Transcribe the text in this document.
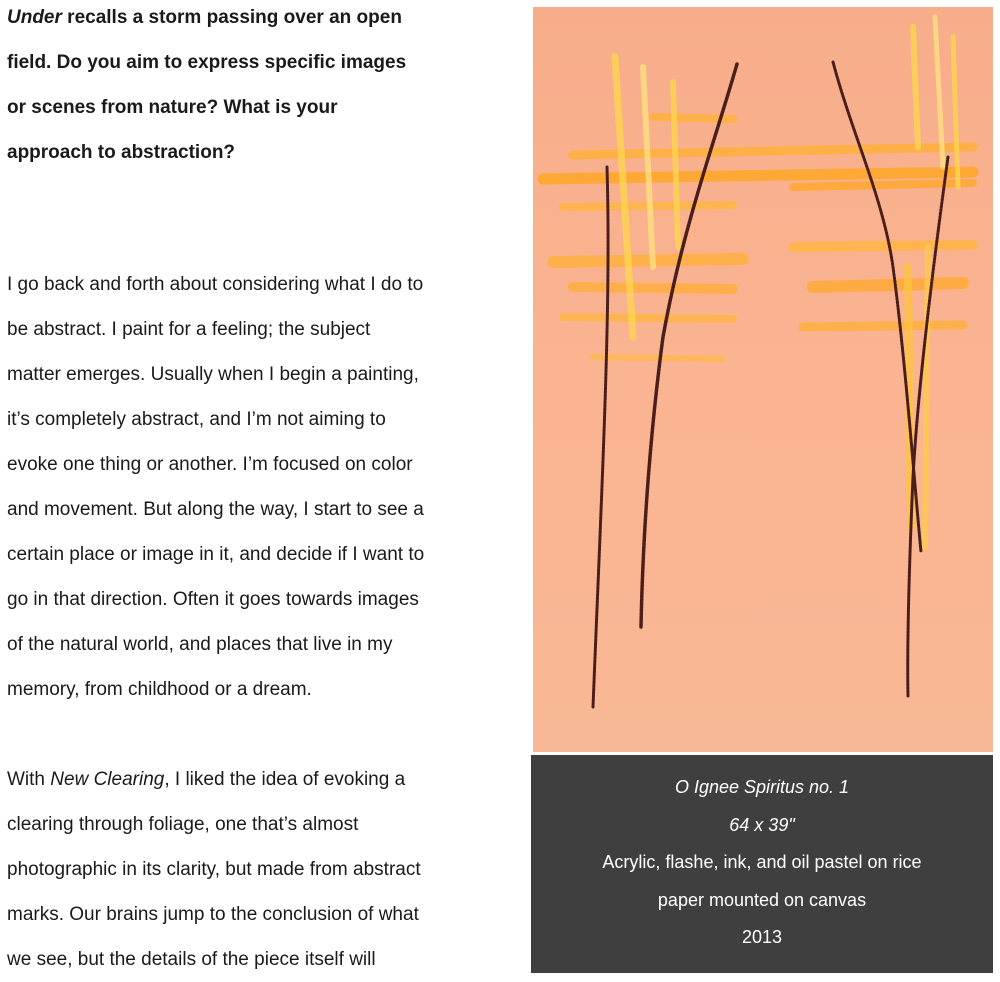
Under recalls a storm passing over an open
field. Do you aim to express specific images
or scenes from nature? What is your
approach to abstraction?

I go back and forth about considering what I do to
be abstract. I paint for a feeling; the subject
matter emerges. Usually when I begin a painting,
it’s completely abstract, and I’m not aiming to
evoke one thing or another. I’m focused on color
and movement. But along the way, I start to see a
certain place or image in it, and decide if I want to
go in that direction. Often it goes towards images
of the natural world, and places that live in my
memory, from childhood or a dream.

With New Clearing, I liked the idea of evoking a
clearing through foliage, one that’s almost
photographic in its clarity, but made from abstract
marks. Our brains jump to the conclusion of what
we see, but the details of the piece itself will

O Ignee Spiritus no. 1
64 x 39"
Acrylic, flashe, ink, and oil pastel on rice
paper mounted on canvas
2013
